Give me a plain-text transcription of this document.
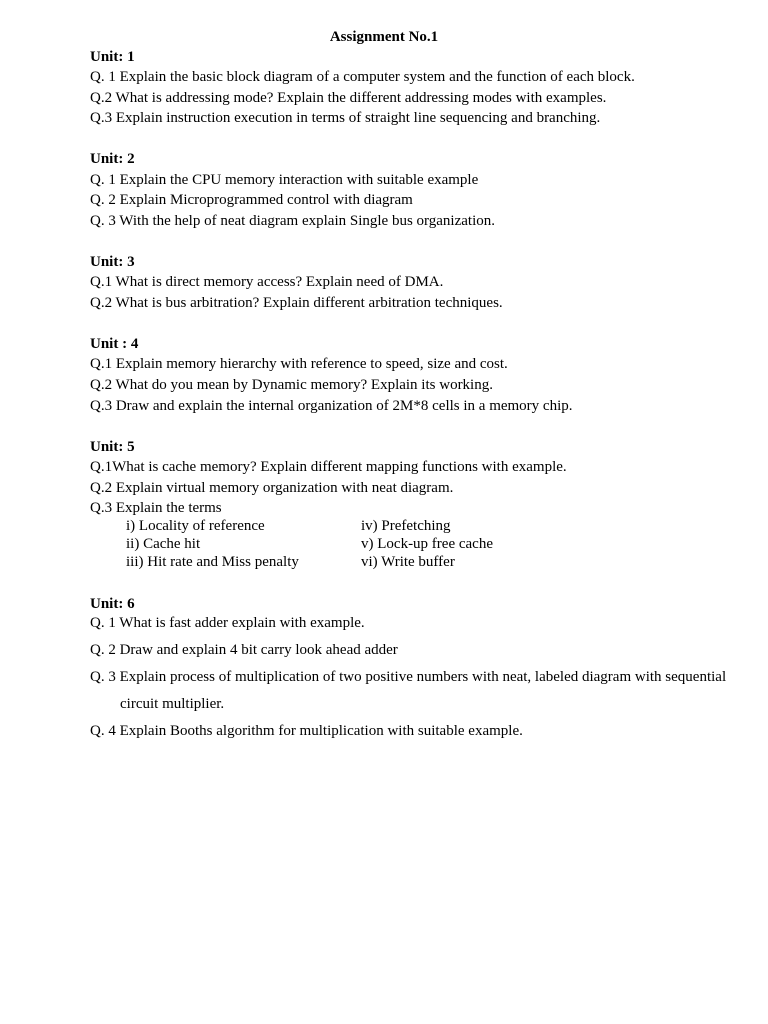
Assignment No.1
Unit: 1
Q. 1 Explain the basic block diagram of a computer system and the function of each block.
Q.2 What is addressing mode? Explain the different addressing modes with examples.
Q.3 Explain instruction execution in terms of straight line sequencing and branching.
Unit: 2
Q. 1 Explain the CPU memory interaction with suitable example
Q. 2 Explain Microprogrammed control with diagram
Q. 3 With the help of neat diagram explain Single bus organization.
Unit: 3
Q.1 What is direct memory access? Explain need of DMA.
Q.2 What is bus arbitration? Explain different arbitration techniques.
Unit : 4
Q.1 Explain memory hierarchy with reference to speed, size and cost.
Q.2 What do you mean by Dynamic memory? Explain its working.
Q.3 Draw and explain the internal organization of 2M*8 cells in a memory chip.
Unit: 5
Q.1What is cache memory? Explain different mapping functions with example.
Q.2 Explain virtual memory organization with neat diagram.
Q.3 Explain the terms
i) Locality of reference
ii) Cache hit
iii) Hit rate and Miss penalty
iv) Prefetching
v) Lock-up free cache
vi) Write buffer
Unit: 6
Q. 1 What is fast adder explain with example.
Q. 2 Draw and explain 4 bit carry look ahead adder
Q. 3 Explain process of multiplication of two positive numbers with neat, labeled diagram with sequential
circuit multiplier.
Q. 4 Explain Booths algorithm for multiplication with suitable example.
